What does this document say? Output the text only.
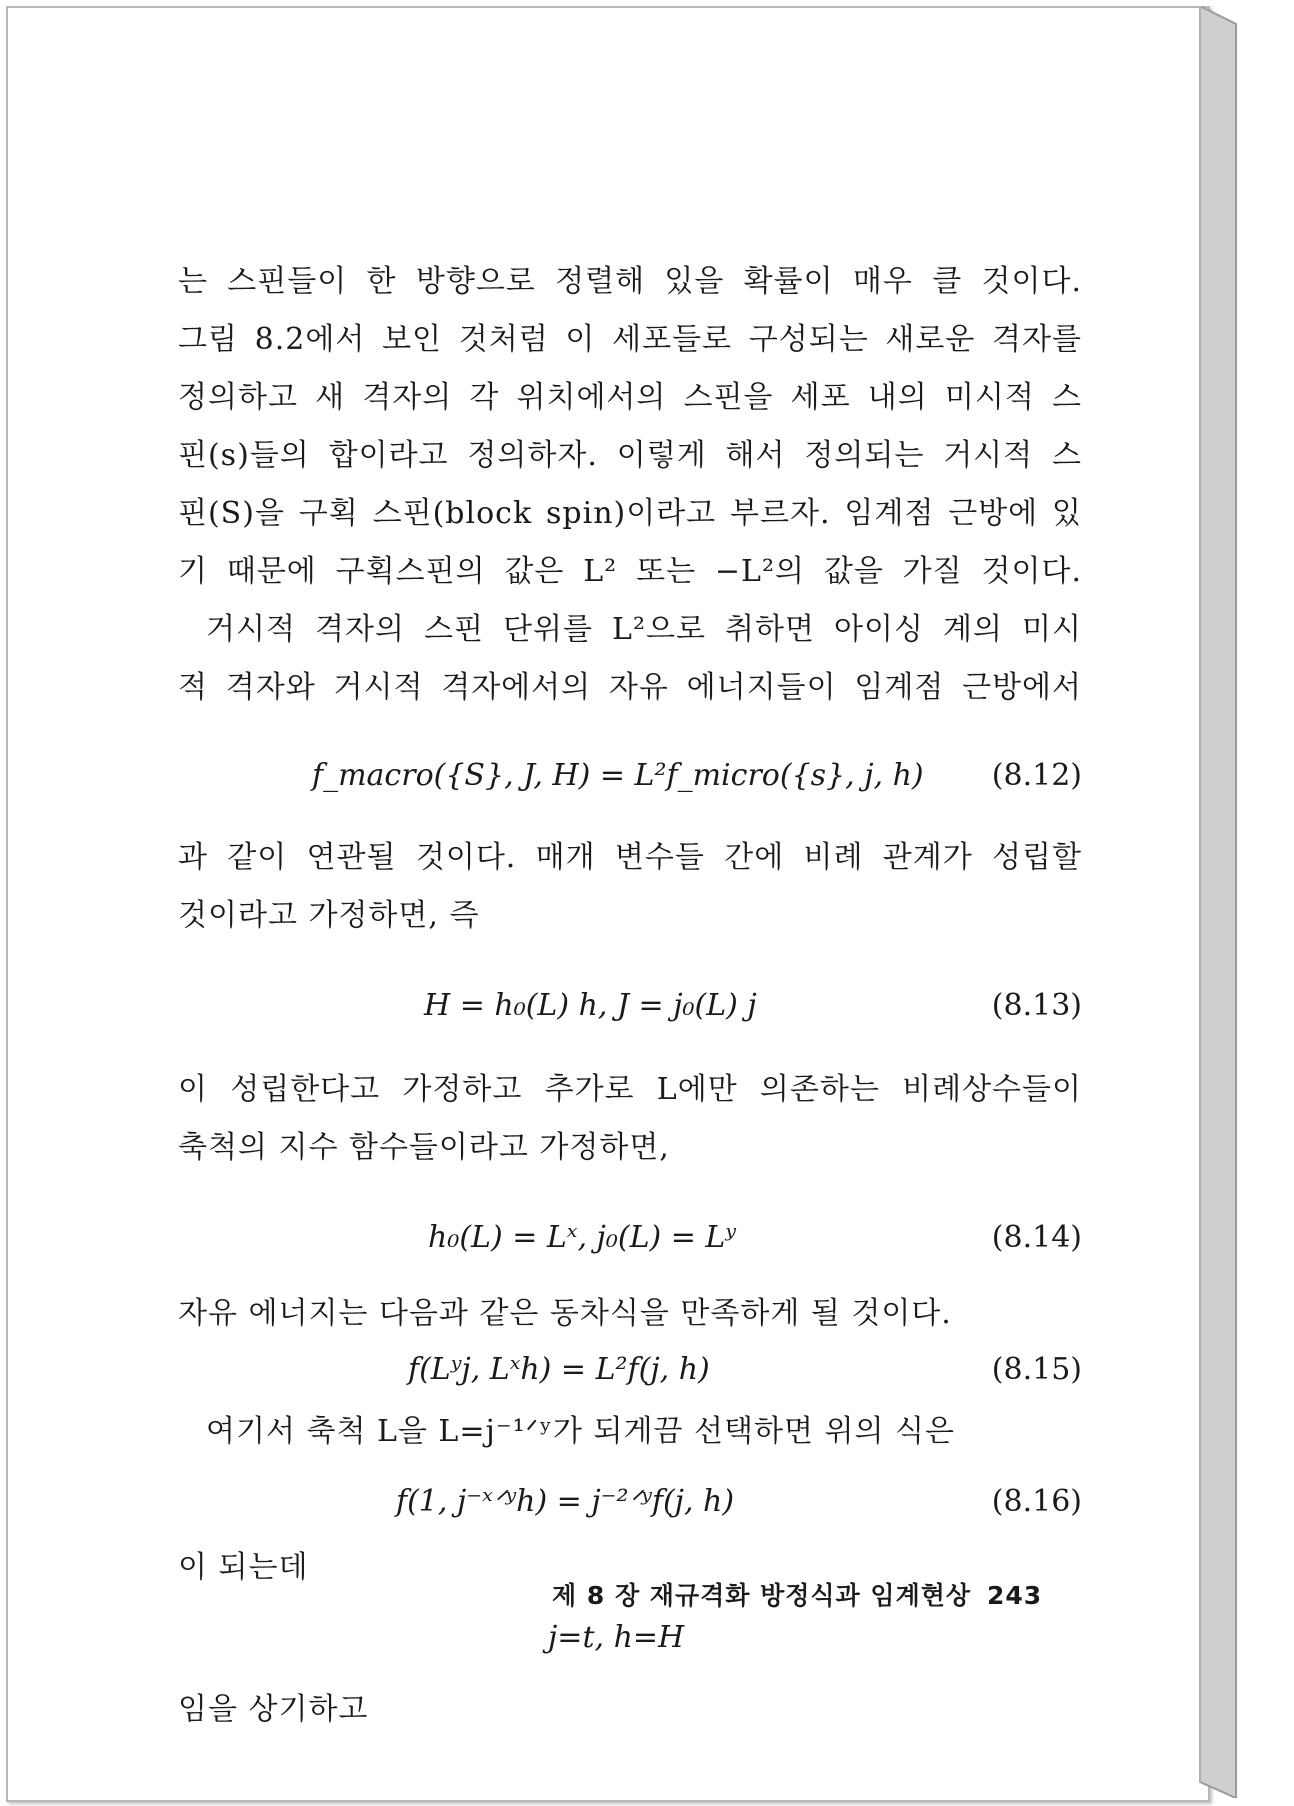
는 스핀들이 한 방향으로 정렬해 있을 확률이 매우 클 것이다.
그림 8.2에서 보인 것처럼 이 세포들로 구성되는 새로운 격자를
정의하고 새 격자의 각 위치에서의 스핀을 세포 내의 미시적 스
핀(s)들의 합이라고 정의하자. 이렇게 해서 정의되는 거시적 스
핀(S)을 구획 스핀(block spin)이라고 부르자. 임계점 근방에 있
기 때문에 구획스핀의 값은 L² 또는 −L²의 값을 가질 것이다.
거시적 격자의 스핀 단위를 L²으로 취하면 아이싱 계의 미시
적 격자와 거시적 격자에서의 자유 에너지들이 임계점 근방에서
f_macro({S}, J, H) = L²f_micro({s}, j, h) (8.12)
과 같이 연관될 것이다. 매개 변수들 간에 비례 관계가 성립할
것이라고 가정하면, 즉
H = h₀(L) h, J = j₀(L) j	(8.13)
이 성립한다고 가정하고 추가로 L에만 의존하는 비례상수들이
축척의 지수 함수들이라고 가정하면,
h₀(L) = Lˣ, j₀(L) = Lʸ	(8.14)
자유 에너지는 다음과 같은 동차식을 만족하게 될 것이다.
f(Lʸj, Lˣh) = L²f(j, h)	(8.15)
여기서 축척 L을 L=j⁻¹ᐟʸ가 되게끔 선택하면 위의 식은
f(1, j⁻ˣᐟʸh) = j⁻²ᐟʸf(j, h)	(8.16)
이 되는데
j=t, h=H
임을 상기하고
제 8 장 재규격화 방정식과 임계현상 243
